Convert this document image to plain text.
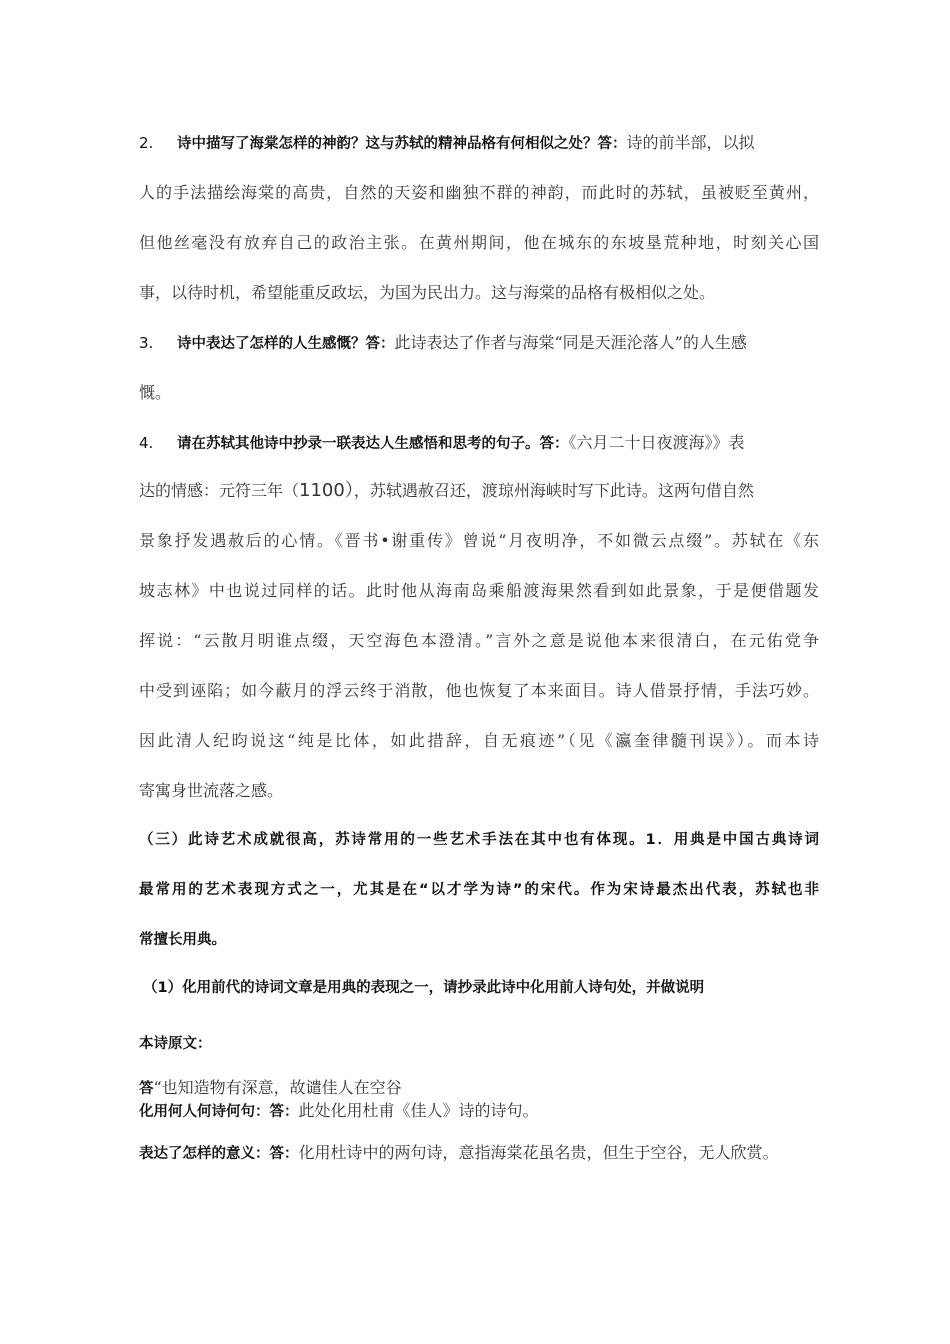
2. 诗中描写了海棠怎样的神韵？这与苏轼的精神品格有何相似之处？答：诗的前半部，以拟
人的手法描绘海棠的高贵，自然的天姿和幽独不群的神韵，而此时的苏轼，虽被贬至黄州，
但他丝毫没有放弃自己的政治主张。在黄州期间，他在城东的东坡垦荒种地，时刻关心国
事，以待时机，希望能重反政坛，为国为民出力。这与海棠的品格有极相似之处。
3. 诗中表达了怎样的人生感慨？答：此诗表达了作者与海棠“同是天涯沦落人”的人生感
慨。
4. 请在苏轼其他诗中抄录一联表达人生感悟和思考的句子。答：《六月二十日夜渡海》》表
达的情感：元符三年（1100），苏轼遇赦召还，渡琼州海峡时写下此诗。这两句借自然
景象抒发遇赦后的心情。《晋书•谢重传》曾说“月夜明净，不如微云点缀”。苏轼在《东
坡志林》中也说过同样的话。此时他从海南岛乘船渡海果然看到如此景象，于是便借题发
挥说：“云散月明谁点缀，天空海色本澄清。”言外之意是说他本来很清白，在元佑党争
中受到诬陷；如今蔽月的浮云终于消散，他也恢复了本来面目。诗人借景抒情，手法巧妙。
因此清人纪昀说这“纯是比体，如此措辞，自无痕迹”（见《瀛奎律髓刊误》）。而本诗
寄寓身世流落之感。
（三）此诗艺术成就很高，苏诗常用的一些艺术手法在其中也有体现。1．用典是中国古典诗词
最常用的艺术表现方式之一，尤其是在“以才学为诗”的宋代。作为宋诗最杰出代表，苏轼也非
常擅长用典。
（1）化用前代的诗词文章是用典的表现之一，请抄录此诗中化用前人诗句处，并做说明
本诗原文：
答“也知造物有深意，故谴佳人在空谷
化用何人何诗何句：答：此处化用杜甫《佳人》诗的诗句。
表达了怎样的意义：答：化用杜诗中的两句诗，意指海棠花虽名贵，但生于空谷，无人欣赏。
